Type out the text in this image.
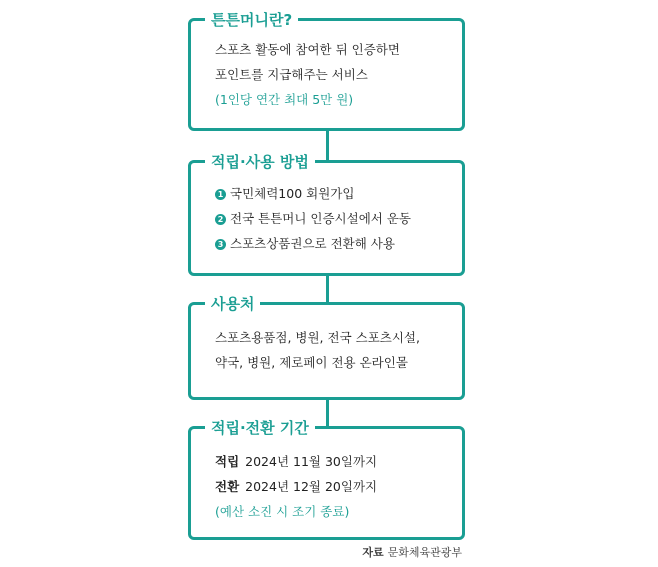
튼튼머니란?
스포츠 활동에 참여한 뒤 인증하면
포인트를 지급해주는 서비스
(1인당 연간 최대 5만 원)
적립·사용 방법
1 국민체력100 회원가입
2 전국 튼튼머니 인증시설에서 운동
3 스포츠상품권으로 전환해 사용
사용처
스포츠용품점, 병원, 전국 스포츠시설,
약국, 병원, 제로페이 전용 온라인몰
적립·전환 기간
적립 2024년 11월 30일까지
전환 2024년 12월 20일까지
(예산 소진 시 조기 종료)
자료 문화체육관광부
